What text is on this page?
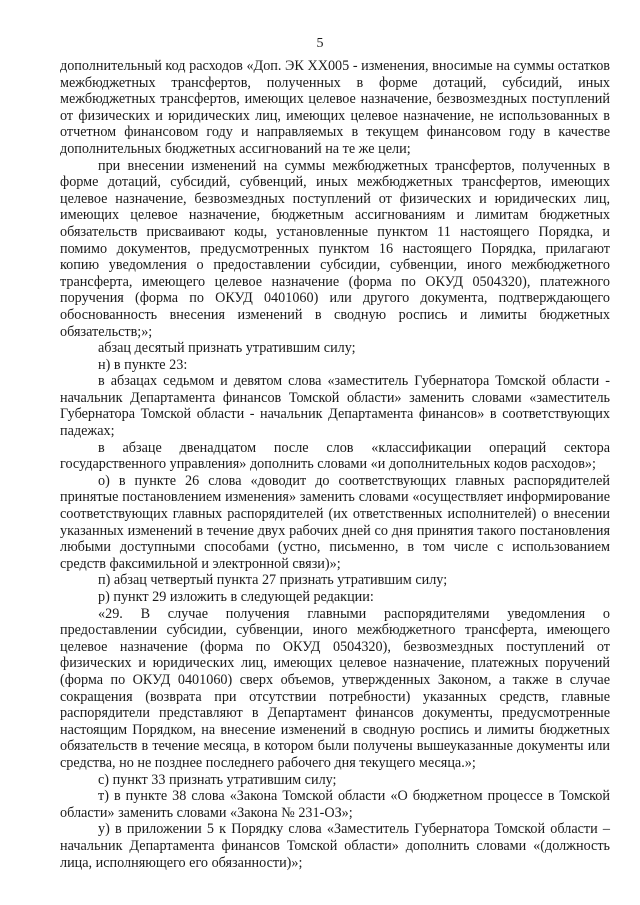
5

дополнительный код расходов «Доп. ЭК XX005 - изменения, вносимые на суммы остатков межбюджетных трансфертов, полученных в форме дотаций, субсидий, иных межбюджетных трансфертов, имеющих целевое назначение, безвозмездных поступлений от физических и юридических лиц, имеющих целевое назначение, не использованных в отчетном финансовом году и направляемых в текущем финансовом году в качестве дополнительных бюджетных ассигнований на те же цели;

при внесении изменений на суммы межбюджетных трансфертов, полученных в форме дотаций, субсидий, субвенций, иных межбюджетных трансфертов, имеющих целевое назначение, безвозмездных поступлений от физических и юридических лиц, имеющих целевое назначение, бюджетным ассигнованиям и лимитам бюджетных обязательств присваивают коды, установленные пунктом 11 настоящего Порядка, и помимо документов, предусмотренных пунктом 16 настоящего Порядка, прилагают копию уведомления о предоставлении субсидии, субвенции, иного межбюджетного трансферта, имеющего целевое назначение (форма по ОКУД 0504320), платежного поручения (форма по ОКУД 0401060) или другого документа, подтверждающего обоснованность внесения изменений в сводную роспись и лимиты бюджетных обязательств;»;

абзац десятый признать утратившим силу;

н) в пункте 23:

в абзацах седьмом и девятом слова «заместитель Губернатора Томской области - начальник Департамента финансов Томской области» заменить словами «заместитель Губернатора Томской области - начальник Департамента финансов» в соответствующих падежах;

в абзаце двенадцатом после слов «классификации операций сектора государственного управления» дополнить словами «и дополнительных кодов расходов»;

о) в пункте 26 слова «доводит до соответствующих главных распорядителей принятые постановлением изменения» заменить словами «осуществляет информирование соответствующих главных распорядителей (их ответственных исполнителей) о внесении указанных изменений в течение двух рабочих дней со дня принятия такого постановления любыми доступными способами (устно, письменно, в том числе с использованием средств факсимильной и электронной связи)»;

п) абзац четвертый пункта 27 признать утратившим силу;

р) пункт 29 изложить в следующей редакции:

«29. В случае получения главными распорядителями уведомления о предоставлении субсидии, субвенции, иного межбюджетного трансферта, имеющего целевое назначение (форма по ОКУД 0504320), безвозмездных поступлений от физических и юридических лиц, имеющих целевое назначение, платежных поручений (форма по ОКУД 0401060) сверх объемов, утвержденных Законом, а также в случае сокращения (возврата при отсутствии потребности) указанных средств, главные распорядители представляют в Департамент финансов документы, предусмотренные настоящим Порядком, на внесение изменений в сводную роспись и лимиты бюджетных обязательств в течение месяца, в котором были получены вышеуказанные документы или средства, но не позднее последнего рабочего дня текущего месяца.»;

с) пункт 33 признать утратившим силу;

т) в пункте 38 слова «Закона Томской области «О бюджетном процессе в Томской области» заменить словами «Закона № 231-ОЗ»;

у) в приложении 5 к Порядку слова «Заместитель Губернатора Томской области – начальник Департамента финансов Томской области» дополнить словами «(должность лица, исполняющего его обязанности)»;
